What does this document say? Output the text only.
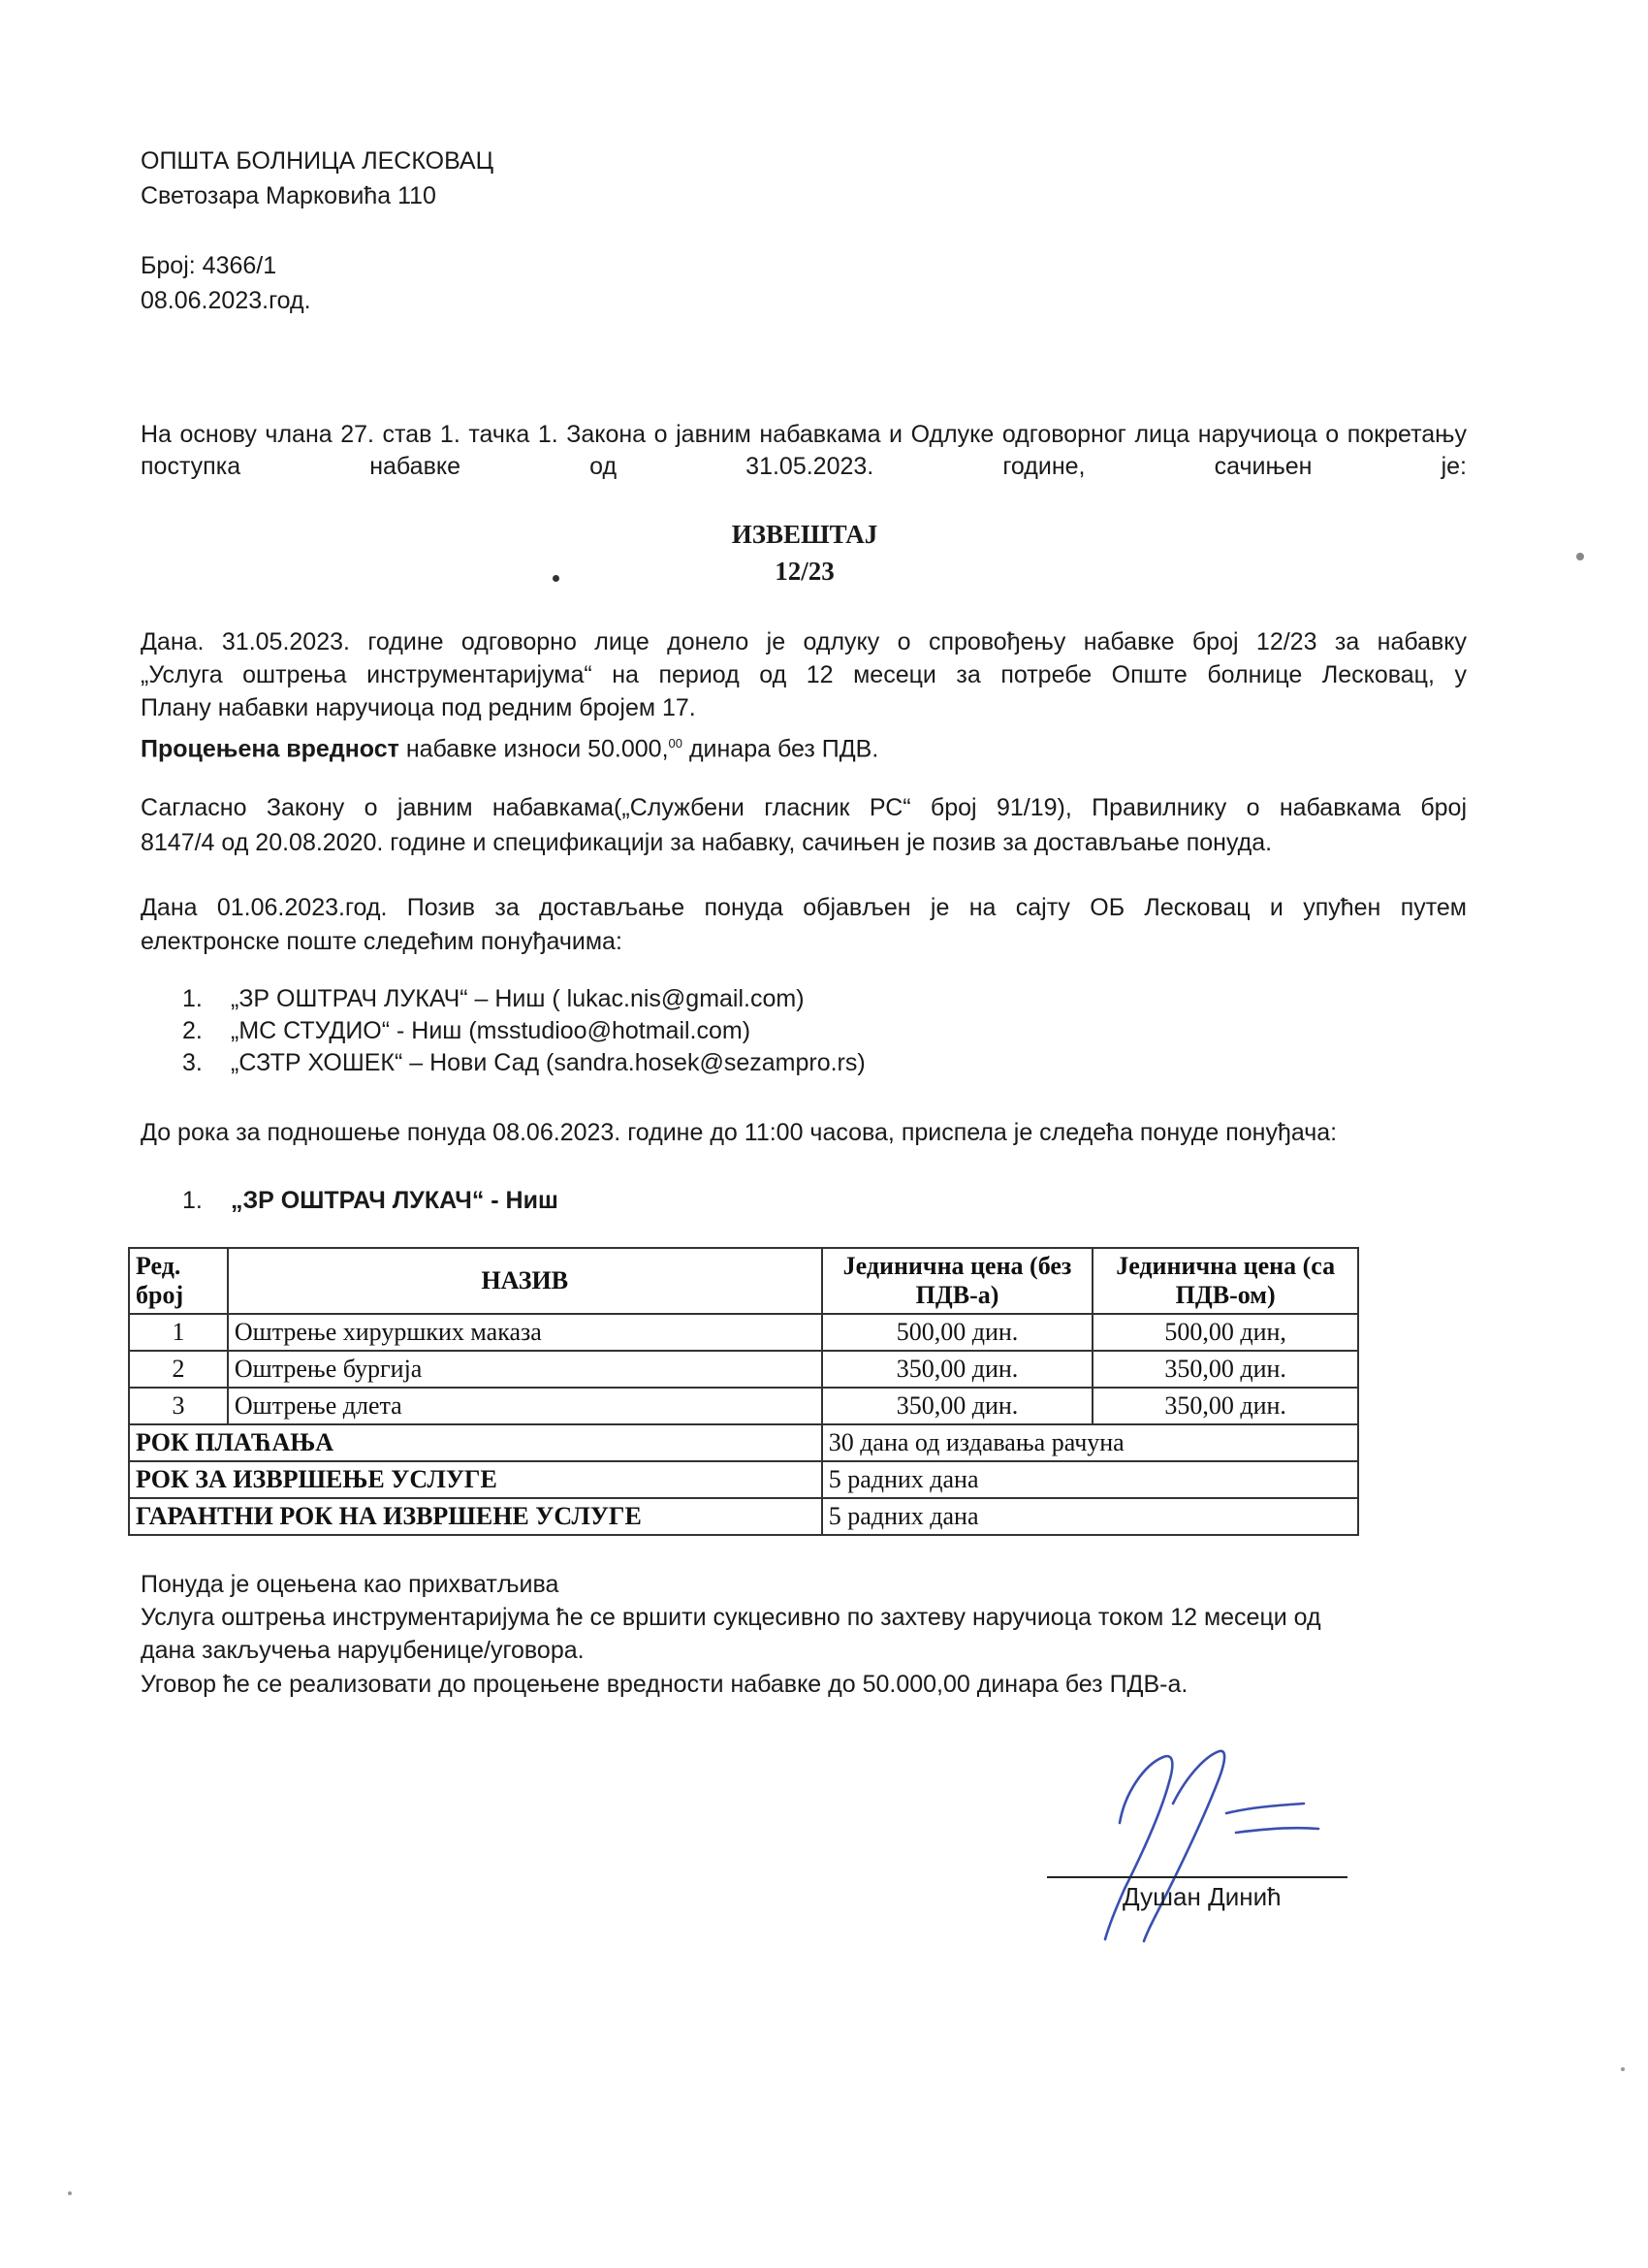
ОПШТА БОЛНИЦА ЛЕСКОВАЦ
Светозара Марковића 110
Број: 4366/1
08.06.2023.год.
На основу члана 27. став 1. тачка 1. Закона о јавним набавкама и Одлуке одговорног лица наручиоца о покретању поступка набавке од 31.05.2023. године, сачињен је:
ИЗВЕШТАЈ
12/23
Дана. 31.05.2023. године одговорно лице донело је одлуку о спровођењу набавке број 12/23 за набавку
„Услуга оштрења инструментаријума“ на период од 12 месеци за потребе Опште болнице Лесковац, у
Плану набавки наручиоца под редним бројем 17.
Процењена вредност набавке износи 50.000,00 динара без ПДВ.
Сагласно Закону о јавним набавкама(„Службени гласник РС“ број 91/19), Правилнику о набавкама број
8147/4 од 20.08.2020. године и спецификацији за набавку, сачињен је позив за достављање понуда.
Дана 01.06.2023.год. Позив за достављање понуда објављен је на сајту ОБ Лесковац и упућен путем
електронске поште следећим понуђачима:
1. „ЗР ОШТРАЧ ЛУКАЧ“ – Ниш ( lukac.nis@gmail.com)
2. „МС СТУДИО“ - Ниш (msstudioo@hotmail.com)
3. „СЗТР ХОШЕК“ – Нови Сад (sandra.hosek@sezampro.rs)
До рока за подношење понуда 08.06.2023. године до 11:00 часова, приспела је следећа понуде понуђача:
1. „ЗР ОШТРАЧ ЛУКАЧ“ - Ниш
Ред. број	НАЗИВ	Јединична цена (без ПДВ-а)	Јединична цена (са ПДВ-ом)
1	Оштрење хируршких маказа	500,00 дин.	500,00 дин,
2	Оштрење бургија	350,00 дин.	350,00 дин.
3	Оштрење длета	350,00 дин.	350,00 дин.
РОК ПЛАЋАЊА		30 дана од издавања рачуна	
РОК ЗА ИЗВРШЕЊЕ УСЛУГЕ		5 радних дана	
ГАРАНТНИ РОК НА ИЗВРШЕНЕ УСЛУГЕ		5 радних дана	
Понуда је оцењена као прихватљива
Услуга оштрења инструментаријума ће се вршити сукцесивно по захтеву наручиоца током 12 месеци од
дана закључења наруџбенице/уговора.
Уговор ће се реализовати до процењене вредности набавке до 50.000,00 динара без ПДВ-а.
Душан Динић
